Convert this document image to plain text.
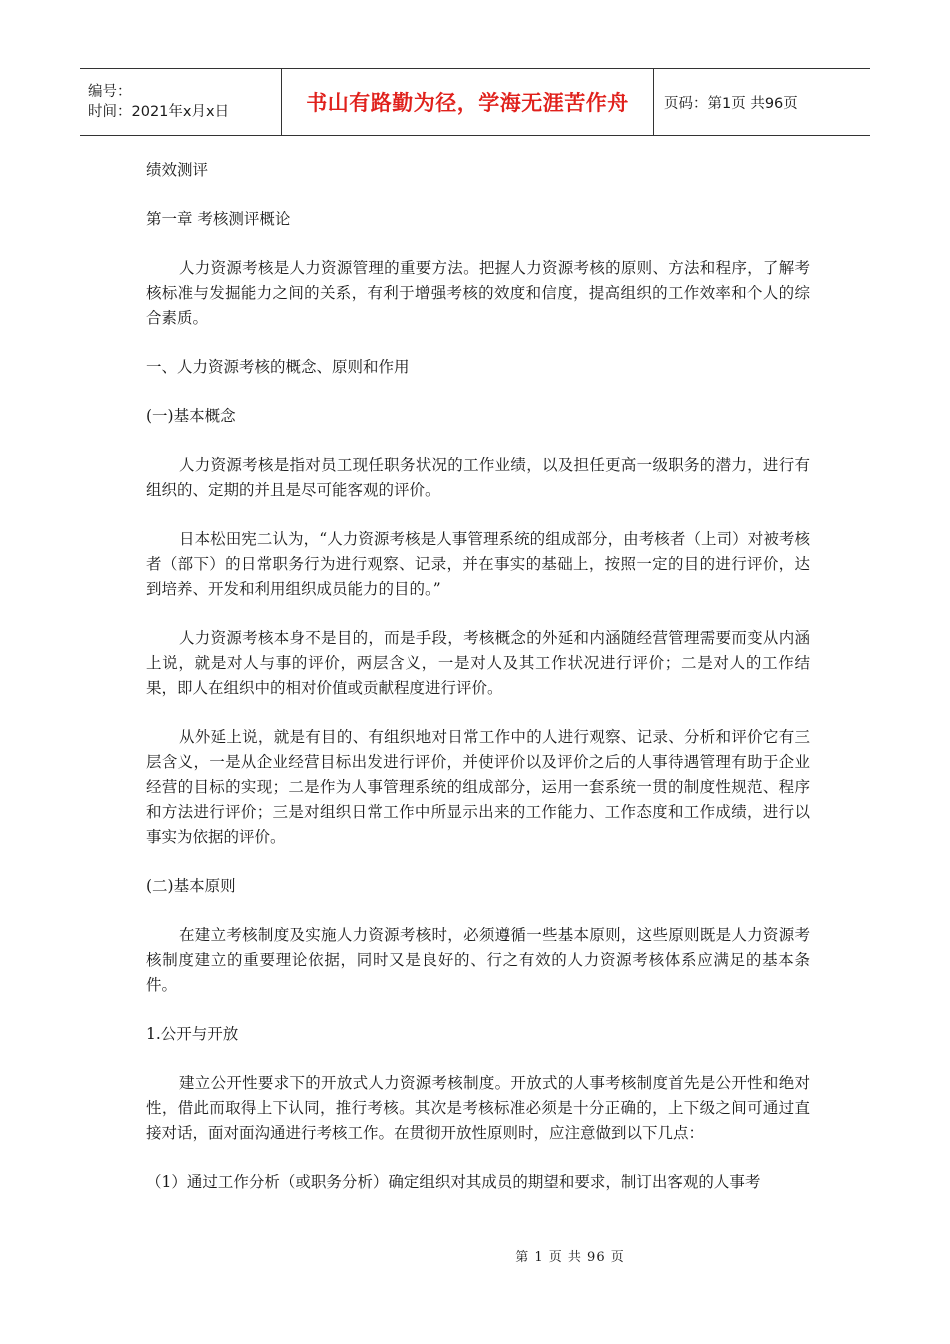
编号：
时间：2021年x月x日	书山有路勤为径，学海无涯苦作舟 页码：第1页 共96页

绩效测评

第一章 考核测评概论

人力资源考核是人力资源管理的重要方法。把握人力资源考核的原则、方法和程序，了解考核标准与发掘能力之间的关系，有利于增强考核的效度和信度，提高组织的工作效率和个人的综合素质。

一、人力资源考核的概念、原则和作用

(一)基本概念

人力资源考核是指对员工现任职务状况的工作业绩，以及担任更高一级职务的潜力，进行有组织的、定期的并且是尽可能客观的评价。

日本松田宪二认为，“人力资源考核是人事管理系统的组成部分，由考核者（上司）对被考核者（部下）的日常职务行为进行观察、记录，并在事实的基础上，按照一定的目的进行评价，达到培养、开发和利用组织成员能力的目的。”

人力资源考核本身不是目的，而是手段，考核概念的外延和内涵随经营管理需要而变从内涵上说，就是对人与事的评价，两层含义，一是对人及其工作状况进行评价；二是对人的工作结果，即人在组织中的相对价值或贡献程度进行评价。

从外延上说，就是有目的、有组织地对日常工作中的人进行观察、记录、分析和评价它有三层含义，一是从企业经营目标出发进行评价，并使评价以及评价之后的人事待遇管理有助于企业经营的目标的实现；二是作为人事管理系统的组成部分，运用一套系统一贯的制度性规范、程序和方法进行评价；三是对组织日常工作中所显示出来的工作能力、工作态度和工作成绩，进行以事实为依据的评价。

(二)基本原则

在建立考核制度及实施人力资源考核时，必须遵循一些基本原则，这些原则既是人力资源考核制度建立的重要理论依据，同时又是良好的、行之有效的人力资源考核体系应满足的基本条件。

1.公开与开放

建立公开性要求下的开放式人力资源考核制度。开放式的人事考核制度首先是公开性和绝对性，借此而取得上下认同，推行考核。其次是考核标准必须是十分正确的，上下级之间可通过直接对话，面对面沟通进行考核工作。在贯彻开放性原则时，应注意做到以下几点：

（1）通过工作分析（或职务分析）确定组织对其成员的期望和要求，制订出客观的人事考

第 1 页 共 96 页
